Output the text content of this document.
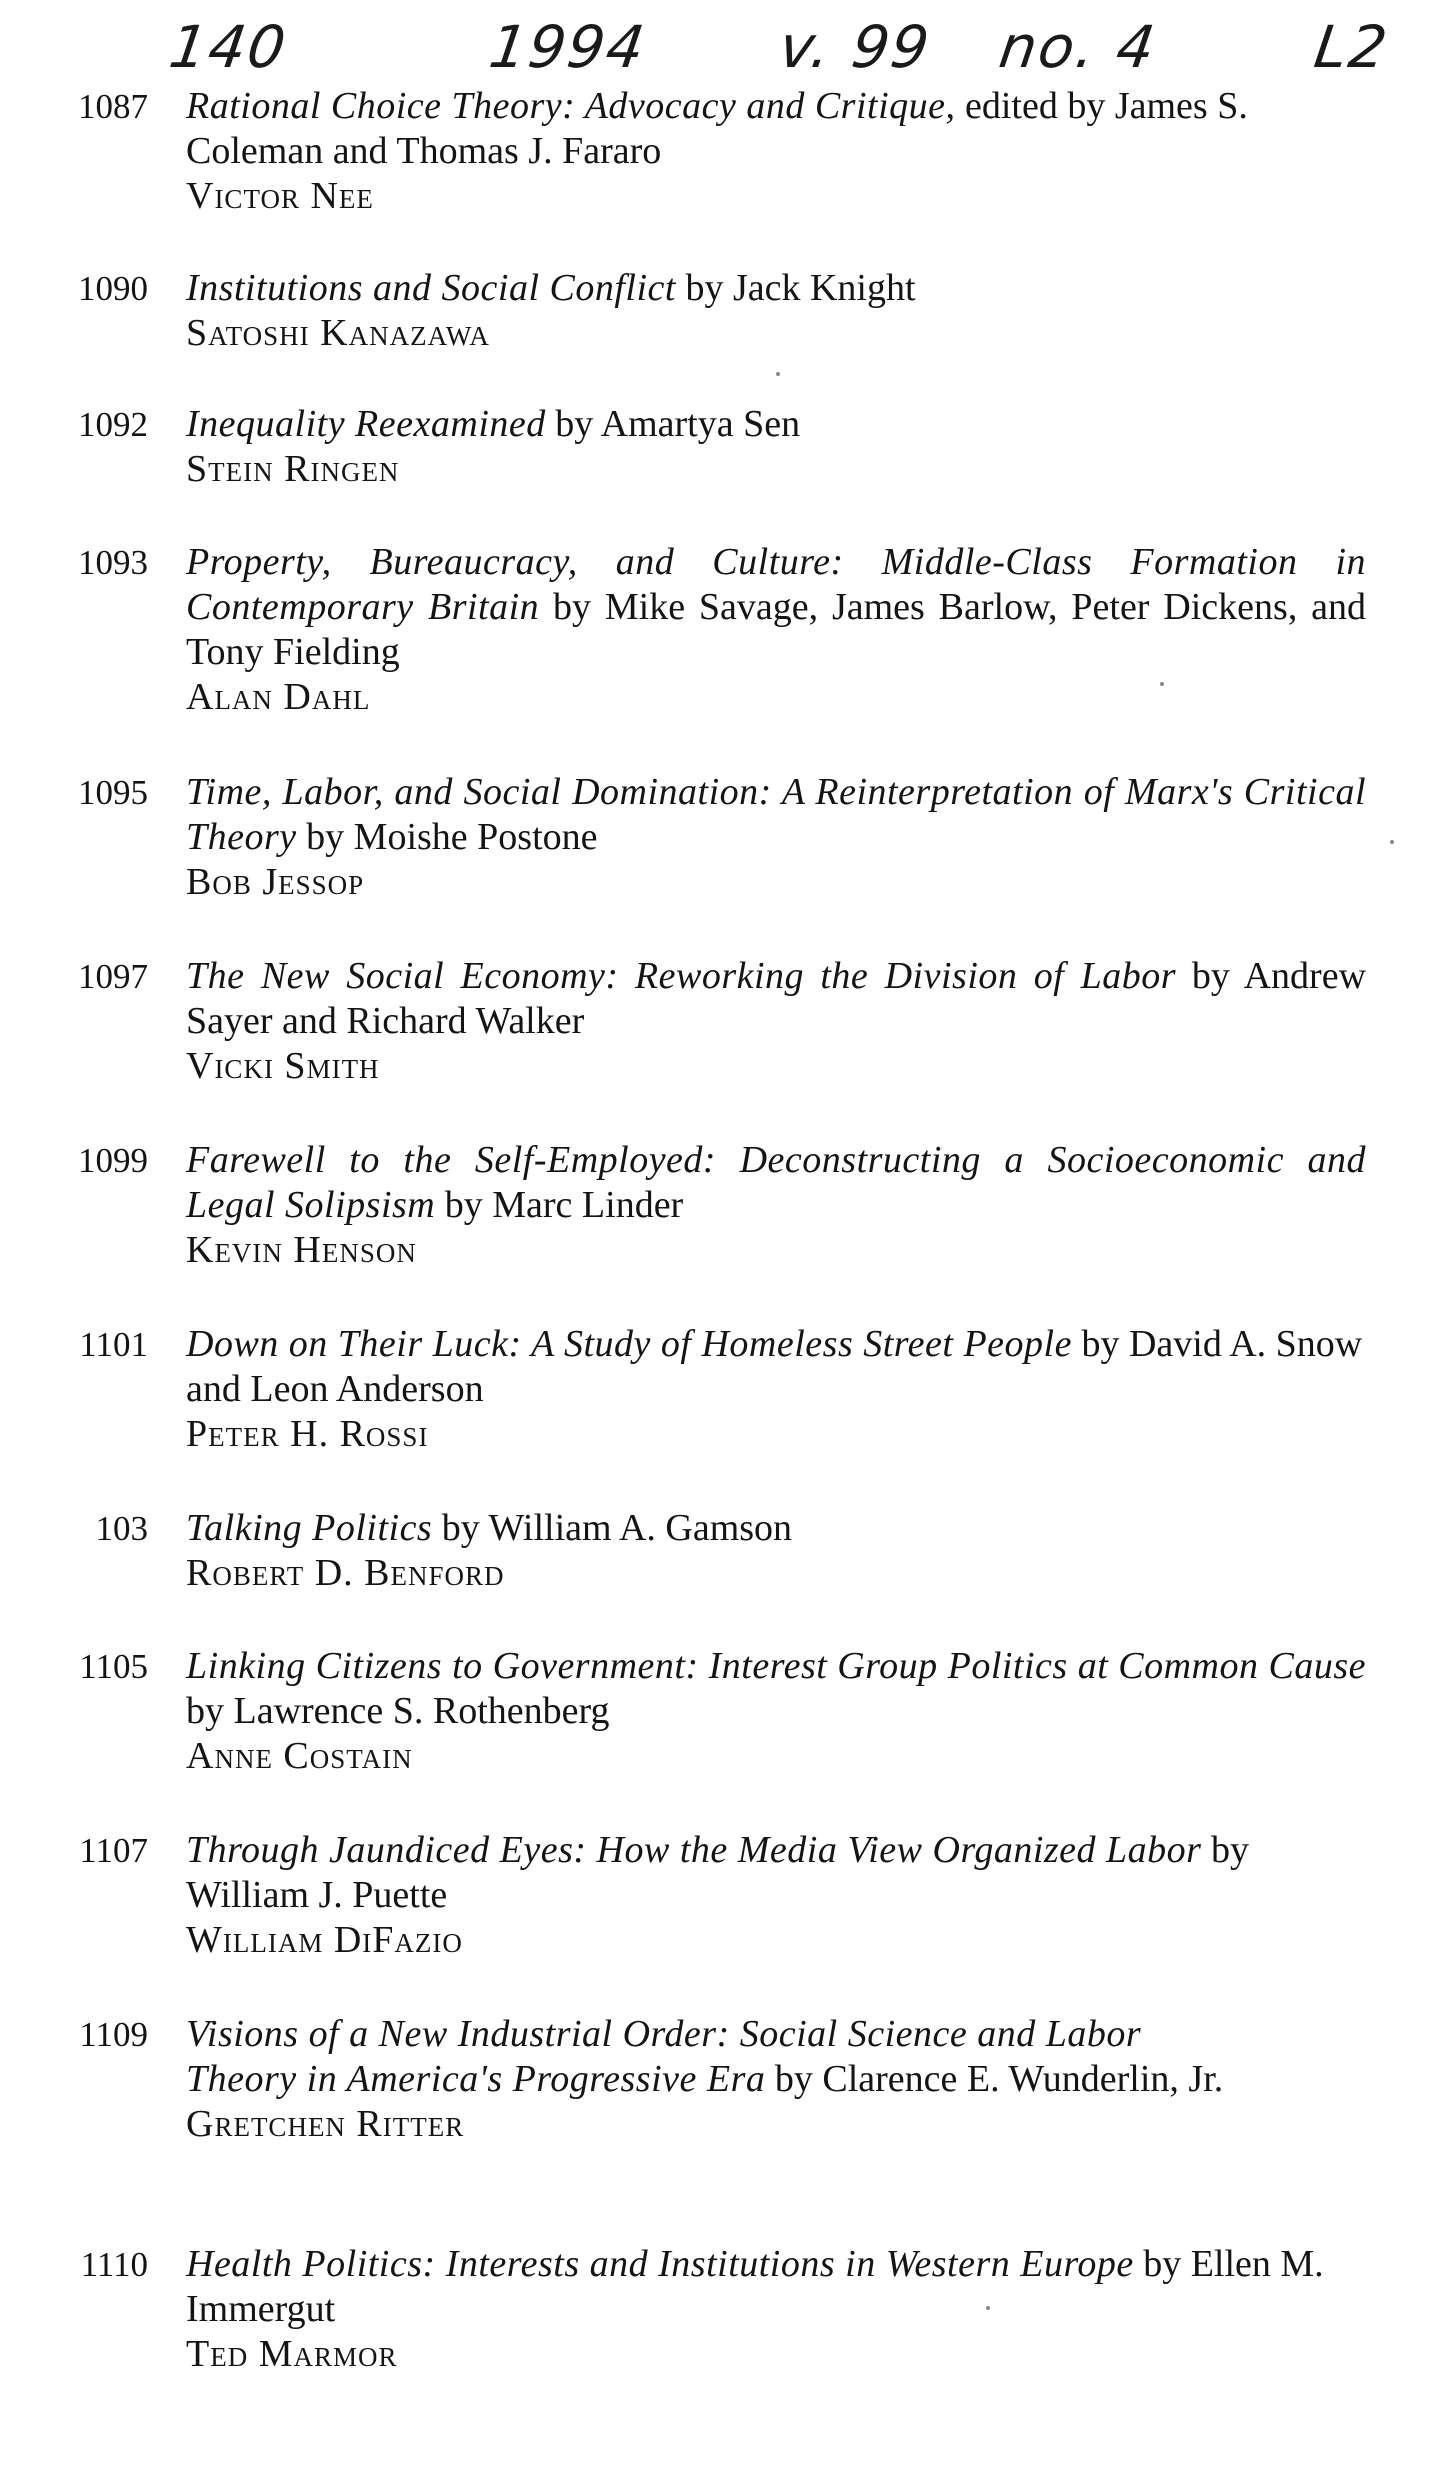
140	1994 v. 99 no. 4	L2
1087 Rational Choice Theory: Advocacy and Critique, edited by James S. Coleman and Thomas J. Fararo
Victor Nee
1090 Institutions and Social Conflict by Jack Knight
Satoshi Kanazawa
1092 Inequality Reexamined by Amartya Sen
Stein Ringen
1093 Property, Bureaucracy, and Culture: Middle-Class Formation in Contemporary Britain by Mike Savage, James Barlow, Peter Dickens, and Tony Fielding
Alan Dahl
1095 Time, Labor, and Social Domination: A Reinterpretation of Marx's Critical Theory by Moishe Postone
Bob Jessop
1097 The New Social Economy: Reworking the Division of Labor by Andrew Sayer and Richard Walker
Vicki Smith
1099 Farewell to the Self-Employed: Deconstructing a Socioeconomic and Legal Solipsism by Marc Linder
Kevin Henson
1101 Down on Their Luck: A Study of Homeless Street People by David A. Snow and Leon Anderson
Peter H. Rossi
103 Talking Politics by William A. Gamson
Robert D. Benford
1105 Linking Citizens to Government: Interest Group Politics at Common Cause by Lawrence S. Rothenberg
Anne Costain
1107 Through Jaundiced Eyes: How the Media View Organized Labor by William J. Puette
William DiFazio
1109 Visions of a New Industrial Order: Social Science and Labor Theory in America's Progressive Era by Clarence E. Wunderlin, Jr.
Gretchen Ritter
1110 Health Politics: Interests and Institutions in Western Europe by Ellen M. Immergut
Ted Marmor
